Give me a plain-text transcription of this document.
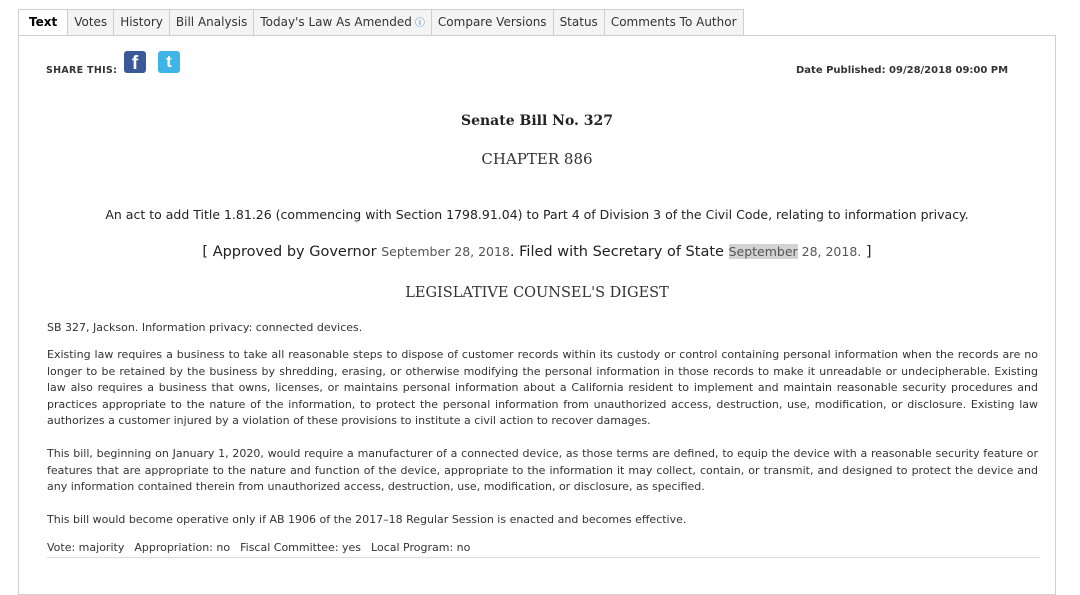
Text	Votes	History	Bill Analysis	Today's Law As Amended ⓘ	Compare Versions	Status	Comments To Author
SHARE THIS: f	t	Date Published: 09/28/2018 09:00 PM
Senate Bill No. 327
CHAPTER 886
An act to add Title 1.81.26 (commencing with Section 1798.91.04) to Part 4 of Division 3 of the Civil Code, relating to information privacy.
[ Approved by Governor September 28, 2018. Filed with Secretary of State September 28, 2018. ]
LEGISLATIVE COUNSEL'S DIGEST

SB 327, Jackson. Information privacy: connected devices.

Existing law requires a business to take all reasonable steps to dispose of customer records within its custody or control containing personal information when the records are no longer to be retained by the business by shredding, erasing, or otherwise modifying the personal information in those records to make it unreadable or undecipherable. Existing law also requires a business that owns, licenses, or maintains personal information about a California resident to implement and maintain reasonable security procedures and practices appropriate to the nature of the information, to protect the personal information from unauthorized access, destruction, use, modification, or disclosure. Existing law authorizes a customer injured by a violation of these provisions to institute a civil action to recover damages.

This bill, beginning on January 1, 2020, would require a manufacturer of a connected device, as those terms are defined, to equip the device with a reasonable security feature or features that are appropriate to the nature and function of the device, appropriate to the information it may collect, contain, or transmit, and designed to protect the device and any information contained therein from unauthorized access, destruction, use, modification, or disclosure, as specified.

This bill would become operative only if AB 1906 of the 2017–18 Regular Session is enacted and becomes effective.

Vote: majority Appropriation: no Fiscal Committee: yes Local Program: no
